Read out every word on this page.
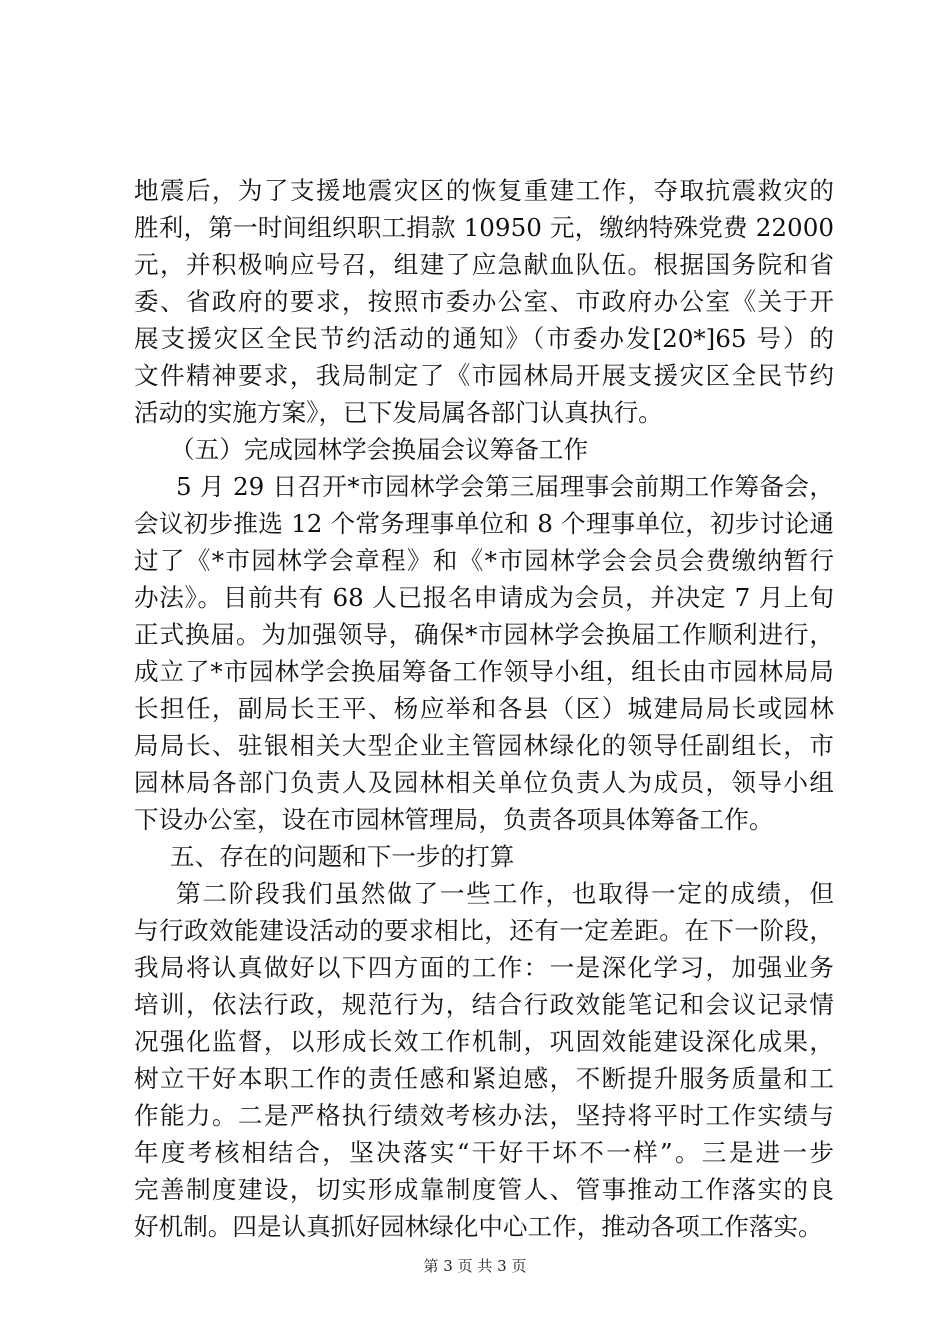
地震后，为了支援地震灾区的恢复重建工作，夺取抗震救灾的
胜利，第一时间组织职工捐款 10950 元，缴纳特殊党费 22000
元，并积极响应号召，组建了应急献血队伍。根据国务院和省
委、省政府的要求，按照市委办公室、市政府办公室《关于开
展支援灾区全民节约活动的通知》（市委办发[20*]65 号）的
文件精神要求，我局制定了《市园林局开展支援灾区全民节约
活动的实施方案》，已下发局属各部门认真执行。
（五）完成园林学会换届会议筹备工作
5 月 29 日召开*市园林学会第三届理事会前期工作筹备会，
会议初步推选 12 个常务理事单位和 8 个理事单位，初步讨论通
过了《*市园林学会章程》和《*市园林学会会员会费缴纳暂行
办法》。目前共有 68 人已报名申请成为会员，并决定 7 月上旬
正式换届。为加强领导，确保*市园林学会换届工作顺利进行，
成立了*市园林学会换届筹备工作领导小组，组长由市园林局局
长担任，副局长王平、杨应举和各县（区）城建局局长或园林
局局长、驻银相关大型企业主管园林绿化的领导任副组长，市
园林局各部门负责人及园林相关单位负责人为成员，领导小组
下设办公室，设在市园林管理局，负责各项具体筹备工作。
五、存在的问题和下一步的打算
第二阶段我们虽然做了一些工作，也取得一定的成绩，但
与行政效能建设活动的要求相比，还有一定差距。在下一阶段，
我局将认真做好以下四方面的工作：一是深化学习，加强业务
培训，依法行政，规范行为，结合行政效能笔记和会议记录情
况强化监督，以形成长效工作机制，巩固效能建设深化成果，
树立干好本职工作的责任感和紧迫感，不断提升服务质量和工
作能力。二是严格执行绩效考核办法，坚持将平时工作实绩与
年度考核相结合，坚决落实“干好干坏不一样”。三是进一步
完善制度建设，切实形成靠制度管人、管事推动工作落实的良
好机制。四是认真抓好园林绿化中心工作，推动各项工作落实。
第 3 页 共 3 页
